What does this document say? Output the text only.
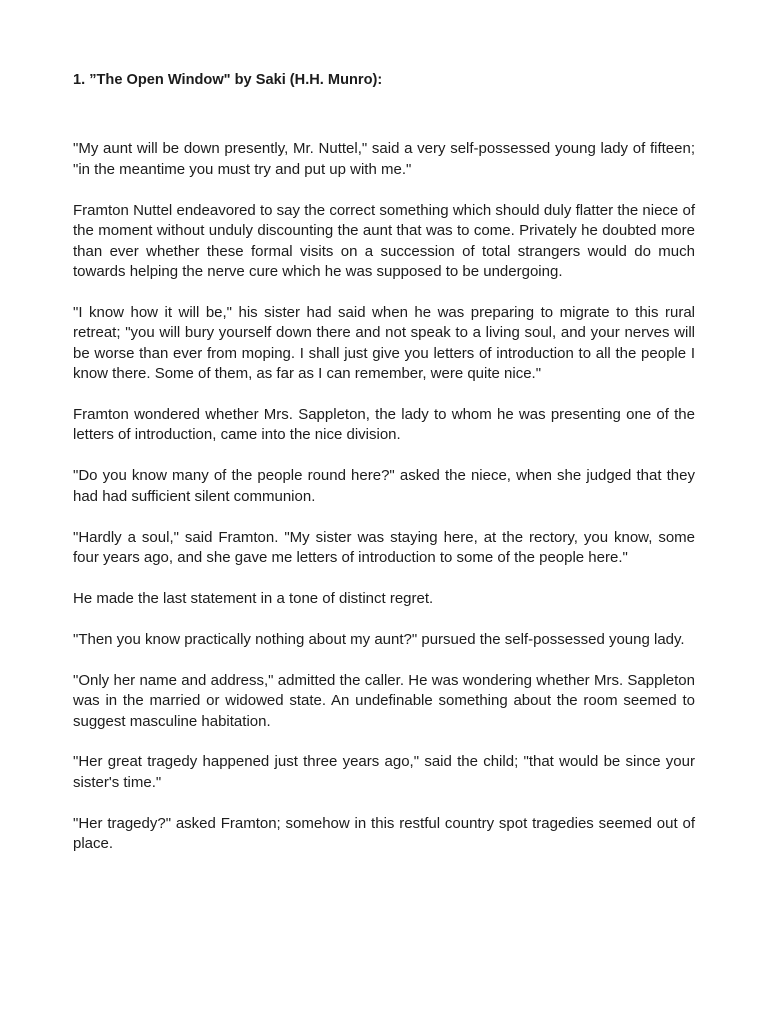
1. ”The Open Window" by Saki (H.H. Munro):

"My aunt will be down presently, Mr. Nuttel," said a very self-possessed young lady of fifteen; "in the meantime you must try and put up with me."

Framton Nuttel endeavored to say the correct something which should duly flatter the niece of the moment without unduly discounting the aunt that was to come. Privately he doubted more than ever whether these formal visits on a succession of total strangers would do much towards helping the nerve cure which he was supposed to be undergoing.

"I know how it will be," his sister had said when he was preparing to migrate to this rural retreat; "you will bury yourself down there and not speak to a living soul, and your nerves will be worse than ever from moping. I shall just give you letters of introduction to all the people I know there. Some of them, as far as I can remember, were quite nice."

Framton wondered whether Mrs. Sappleton, the lady to whom he was presenting one of the letters of introduction, came into the nice division.

"Do you know many of the people round here?" asked the niece, when she judged that they had had sufficient silent communion.

"Hardly a soul," said Framton. "My sister was staying here, at the rectory, you know, some four years ago, and she gave me letters of introduction to some of the people here."

He made the last statement in a tone of distinct regret.

"Then you know practically nothing about my aunt?" pursued the self-possessed young lady.

"Only her name and address," admitted the caller. He was wondering whether Mrs. Sappleton was in the married or widowed state. An undefinable something about the room seemed to suggest masculine habitation.

"Her great tragedy happened just three years ago," said the child; "that would be since your sister's time."

"Her tragedy?" asked Framton; somehow in this restful country spot tragedies seemed out of place.
